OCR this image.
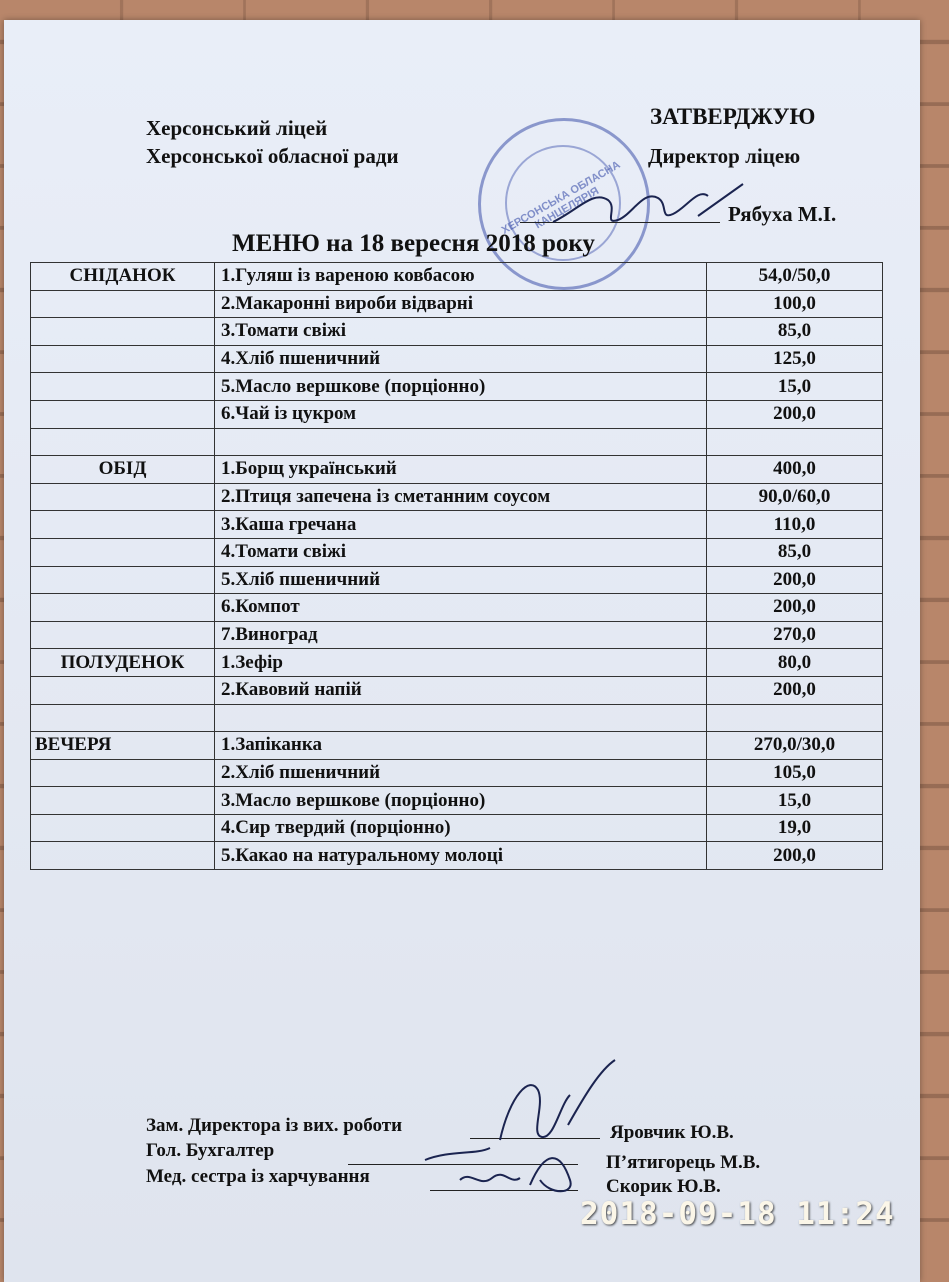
Херсонський ліцей
Херсонської обласної ради
ЗАТВЕРДЖУЮ
Директор ліцею
Рябуха М.І.
ХЕРСОНСЬКА ОБЛАСНА КАНЦЕЛЯРІЯ
МЕНЮ на 18 вересня 2018 року
СНІДАНОК	1.Гуляш із вареною ковбасою	54,0/50,0
	2.Макаронні вироби відварні	100,0
	3.Томати свіжі	85,0
	4.Хліб пшеничний	125,0
	5.Масло вершкове (порціонно)	15,0
	6.Чай із цукром	200,0

ОБІД	1.Борщ український	400,0
	2.Птиця запечена із сметанним соусом	90,0/60,0
	3.Каша гречана	110,0
	4.Томати свіжі	85,0
	5.Хліб пшеничний	200,0
	6.Компот	200,0
	7.Виноград	270,0
ПОЛУДЕНОК	1.Зефір	80,0
	2.Кавовий напій	200,0

ВЕЧЕРЯ	1.Запіканка	270,0/30,0
	2.Хліб пшеничний	105,0
	3.Масло вершкове (порціонно)	15,0
	4.Сир твердий (порціонно)	19,0
	5.Какао на натуральному молоці	200,0
Зам. Директора із вих. роботи	Яровчик Ю.В.
Гол. Бухгалтер
П’ятигорець М.В.
Мед. сестра із харчування	Скорик Ю.В.
2018-09-18 11:24
